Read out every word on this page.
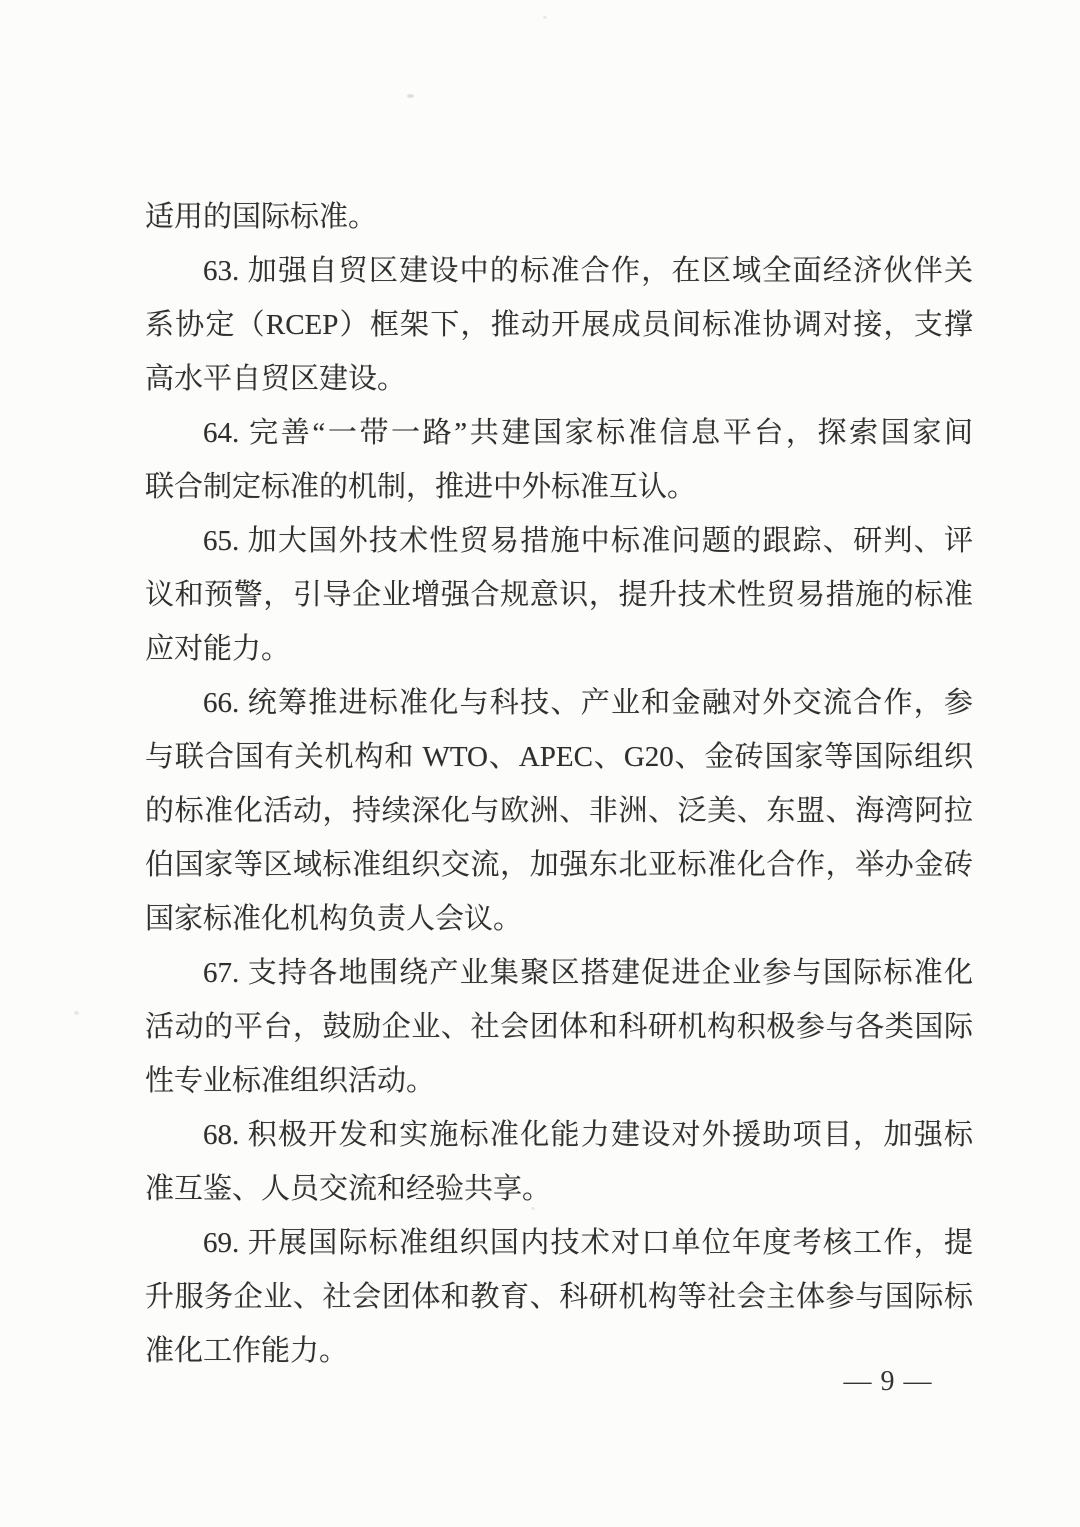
适用的国际标准。
63. 加强自贸区建设中的标准合作，在区域全面经济伙伴关
系协定（RCEP）框架下，推动开展成员间标准协调对接，支撑
高水平自贸区建设。
64. 完善“一带一路”共建国家标准信息平台，探索国家间
联合制定标准的机制，推进中外标准互认。
65. 加大国外技术性贸易措施中标准问题的跟踪、研判、评
议和预警，引导企业增强合规意识，提升技术性贸易措施的标准
应对能力。
66. 统筹推进标准化与科技、产业和金融对外交流合作，参
与联合国有关机构和 WTO、APEC、G20、金砖国家等国际组织
的标准化活动，持续深化与欧洲、非洲、泛美、东盟、海湾阿拉
伯国家等区域标准组织交流，加强东北亚标准化合作，举办金砖
国家标准化机构负责人会议。
67. 支持各地围绕产业集聚区搭建促进企业参与国际标准化
活动的平台，鼓励企业、社会团体和科研机构积极参与各类国际
性专业标准组织活动。
68. 积极开发和实施标准化能力建设对外援助项目，加强标
准互鉴、人员交流和经验共享。
69. 开展国际标准组织国内技术对口单位年度考核工作，提
升服务企业、社会团体和教育、科研机构等社会主体参与国际标
准化工作能力。
— 9 —
